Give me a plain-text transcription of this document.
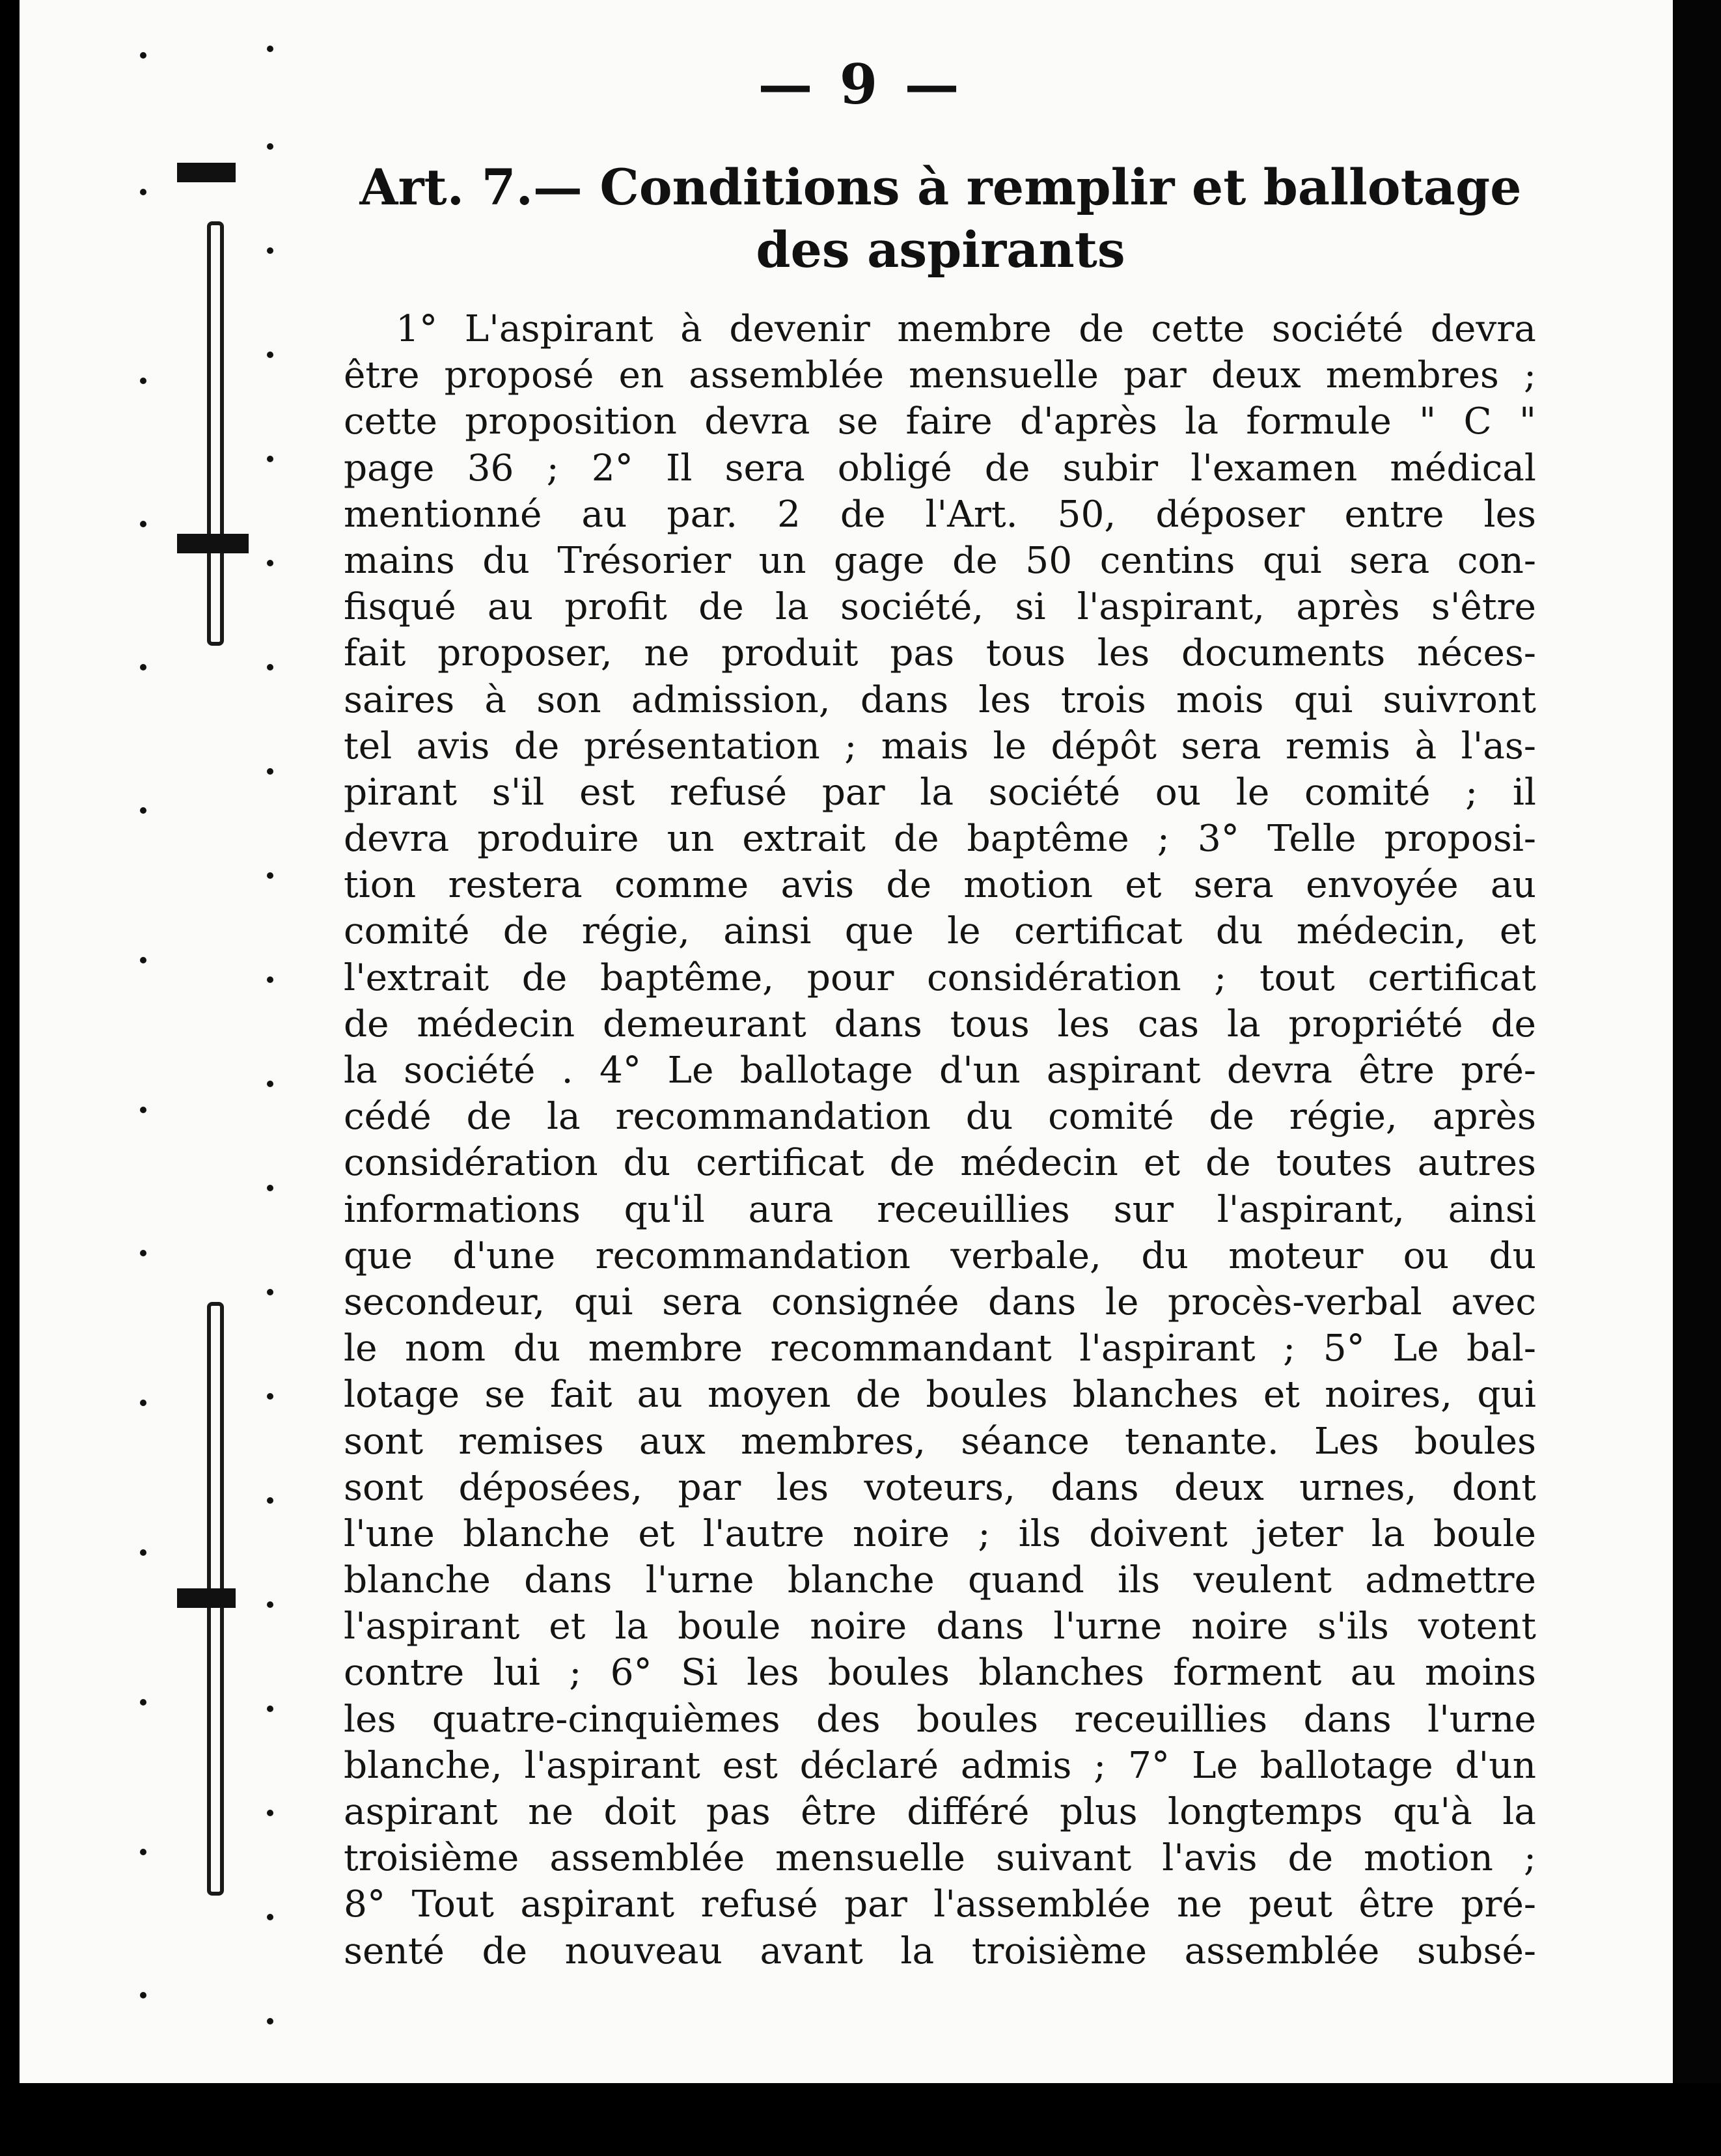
— 9 —
Art. 7.— Conditions à remplir et ballotage
des aspirants
1° L'aspirant à devenir membre de cette société devra
être proposé en assemblée mensuelle par deux membres ;
cette proposition devra se faire d'après la formule " C "
page 36 ; 2° Il sera obligé de subir l'examen médical
mentionné au par. 2 de l'Art. 50, déposer entre les
mains du Trésorier un gage de 50 centins qui sera con-
fisqué au profit de la société, si l'aspirant, après s'être
fait proposer, ne produit pas tous les documents néces-
saires à son admission, dans les trois mois qui suivront
tel avis de présentation ; mais le dépôt sera remis à l'as-
pirant s'il est refusé par la société ou le comité ; il
devra produire un extrait de baptême ; 3° Telle proposi-
tion restera comme avis de motion et sera envoyée au
comité de régie, ainsi que le certificat du médecin, et
l'extrait de baptême, pour considération ; tout certificat
de médecin demeurant dans tous les cas la propriété de
la société . 4° Le ballotage d'un aspirant devra être pré-
cédé de la recommandation du comité de régie, après
considération du certificat de médecin et de toutes autres
informations qu'il aura receuillies sur l'aspirant, ainsi
que d'une recommandation verbale, du moteur ou du
secondeur, qui sera consignée dans le procès-verbal avec
le nom du membre recommandant l'aspirant ; 5° Le bal-
lotage se fait au moyen de boules blanches et noires, qui
sont remises aux membres, séance tenante. Les boules
sont déposées, par les voteurs, dans deux urnes, dont
l'une blanche et l'autre noire ; ils doivent jeter la boule
blanche dans l'urne blanche quand ils veulent admettre
l'aspirant et la boule noire dans l'urne noire s'ils votent
contre lui ; 6° Si les boules blanches forment au moins
les quatre-cinquièmes des boules receuillies dans l'urne
blanche, l'aspirant est déclaré admis ; 7° Le ballotage d'un
aspirant ne doit pas être différé plus longtemps qu'à la
troisième assemblée mensuelle suivant l'avis de motion ;
8° Tout aspirant refusé par l'assemblée ne peut être pré-
senté de nouveau avant la troisième assemblée subsé-
